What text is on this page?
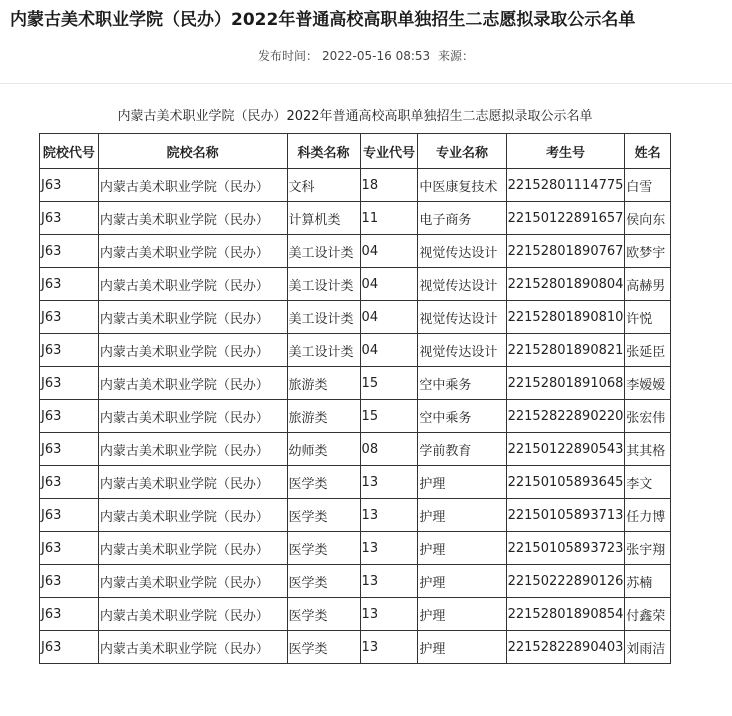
内蒙古美术职业学院（民办）2022年普通高校高职单独招生二志愿拟录取公示名单
发布时间： 2022-05-16 08:53 来源：
内蒙古美术职业学院（民办）2022年普通高校高职单独招生二志愿拟录取公示名单
院校代号	院校名称	科类名称	专业代号	专业名称	考生号	姓名
J63	内蒙古美术职业学院（民办）	文科	18	中医康复技术	22152801114775	白雪
J63	内蒙古美术职业学院（民办）	计算机类	11	电子商务	22150122891657	侯向东
J63	内蒙古美术职业学院（民办）	美工设计类	04	视觉传达设计	22152801890767	欧梦宇
J63	内蒙古美术职业学院（民办）	美工设计类	04	视觉传达设计	22152801890804	高赫男
J63	内蒙古美术职业学院（民办）	美工设计类	04	视觉传达设计	22152801890810	许悦
J63	内蒙古美术职业学院（民办）	美工设计类	04	视觉传达设计	22152801890821	张延臣
J63	内蒙古美术职业学院（民办）	旅游类	15	空中乘务	22152801891068	李嫒嫒
J63	内蒙古美术职业学院（民办）	旅游类	15	空中乘务	22152822890220	张宏伟
J63	内蒙古美术职业学院（民办）	幼师类	08	学前教育	22150122890543	其其格
J63	内蒙古美术职业学院（民办）	医学类	13	护理	22150105893645	李文
J63	内蒙古美术职业学院（民办）	医学类	13	护理	22150105893713	任力博
J63	内蒙古美术职业学院（民办）	医学类	13	护理	22150105893723	张宇翔
J63	内蒙古美术职业学院（民办）	医学类	13	护理	22150222890126	苏楠
J63	内蒙古美术职业学院（民办）	医学类	13	护理	22152801890854	付鑫荣
J63	内蒙古美术职业学院（民办）	医学类	13	护理	22152822890403	刘雨洁
